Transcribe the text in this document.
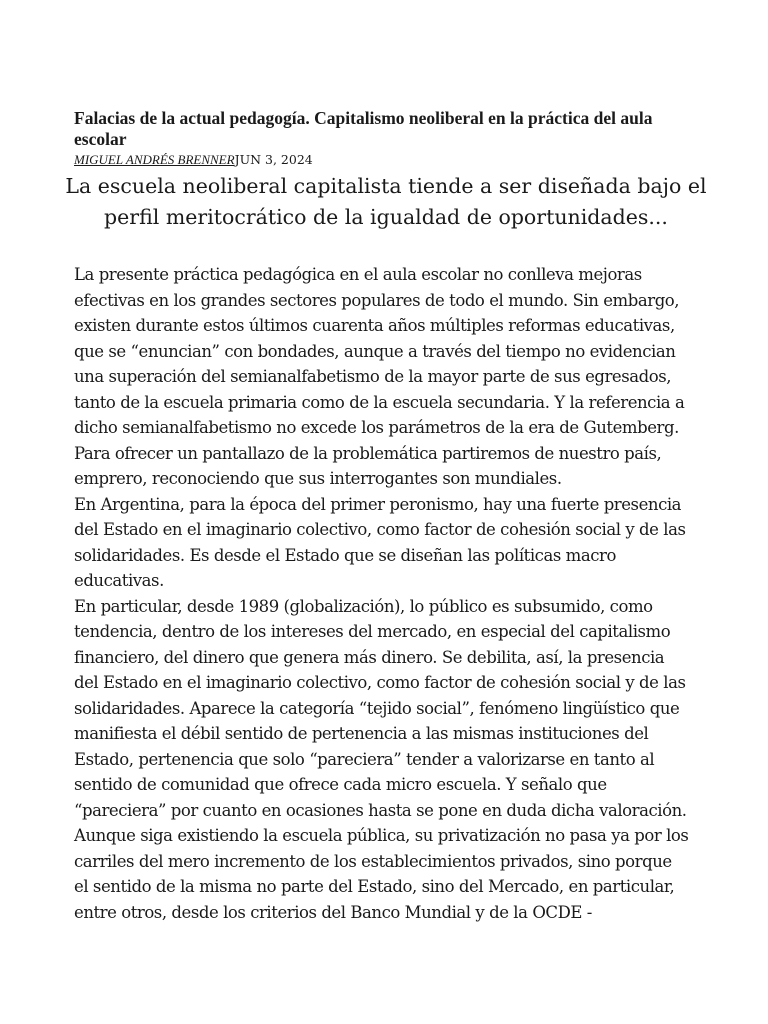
Falacias de la actual pedagogía. Capitalismo neoliberal en la práctica del aula escolar
MIGUEL ANDRÉS BRENNERJUN 3, 2024
La escuela neoliberal capitalista tiende a ser diseñada bajo el
perfil meritocrático de la igualdad de oportunidades...
La presente práctica pedagógica en el aula escolar no conlleva mejoras
efectivas en los grandes sectores populares de todo el mundo. Sin embargo,
existen durante estos últimos cuarenta años múltiples reformas educativas,
que se “enuncian” con bondades, aunque a través del tiempo no evidencian
una superación del semianalfabetismo de la mayor parte de sus egresados,
tanto de la escuela primaria como de la escuela secundaria. Y la referencia a
dicho semianalfabetismo no excede los parámetros de la era de Gutemberg.
Para ofrecer un pantallazo de la problemática partiremos de nuestro país,
emprero, reconociendo que sus interrogantes son mundiales.
En Argentina, para la época del primer peronismo, hay una fuerte presencia
del Estado en el imaginario colectivo, como factor de cohesión social y de las
solidaridades. Es desde el Estado que se diseñan las políticas macro
educativas.
En particular, desde 1989 (globalización), lo público es subsumido, como
tendencia, dentro de los intereses del mercado, en especial del capitalismo
financiero, del dinero que genera más dinero. Se debilita, así, la presencia
del Estado en el imaginario colectivo, como factor de cohesión social y de las
solidaridades. Aparece la categoría “tejido social”, fenómeno lingüístico que
manifiesta el débil sentido de pertenencia a las mismas instituciones del
Estado, pertenencia que solo “pareciera” tender a valorizarse en tanto al
sentido de comunidad que ofrece cada micro escuela. Y señalo que
“pareciera” por cuanto en ocasiones hasta se pone en duda dicha valoración.
Aunque siga existiendo la escuela pública, su privatización no pasa ya por los
carriles del mero incremento de los establecimientos privados, sino porque
el sentido de la misma no parte del Estado, sino del Mercado, en particular,
entre otros, desde los criterios del Banco Mundial y de la OCDE -
